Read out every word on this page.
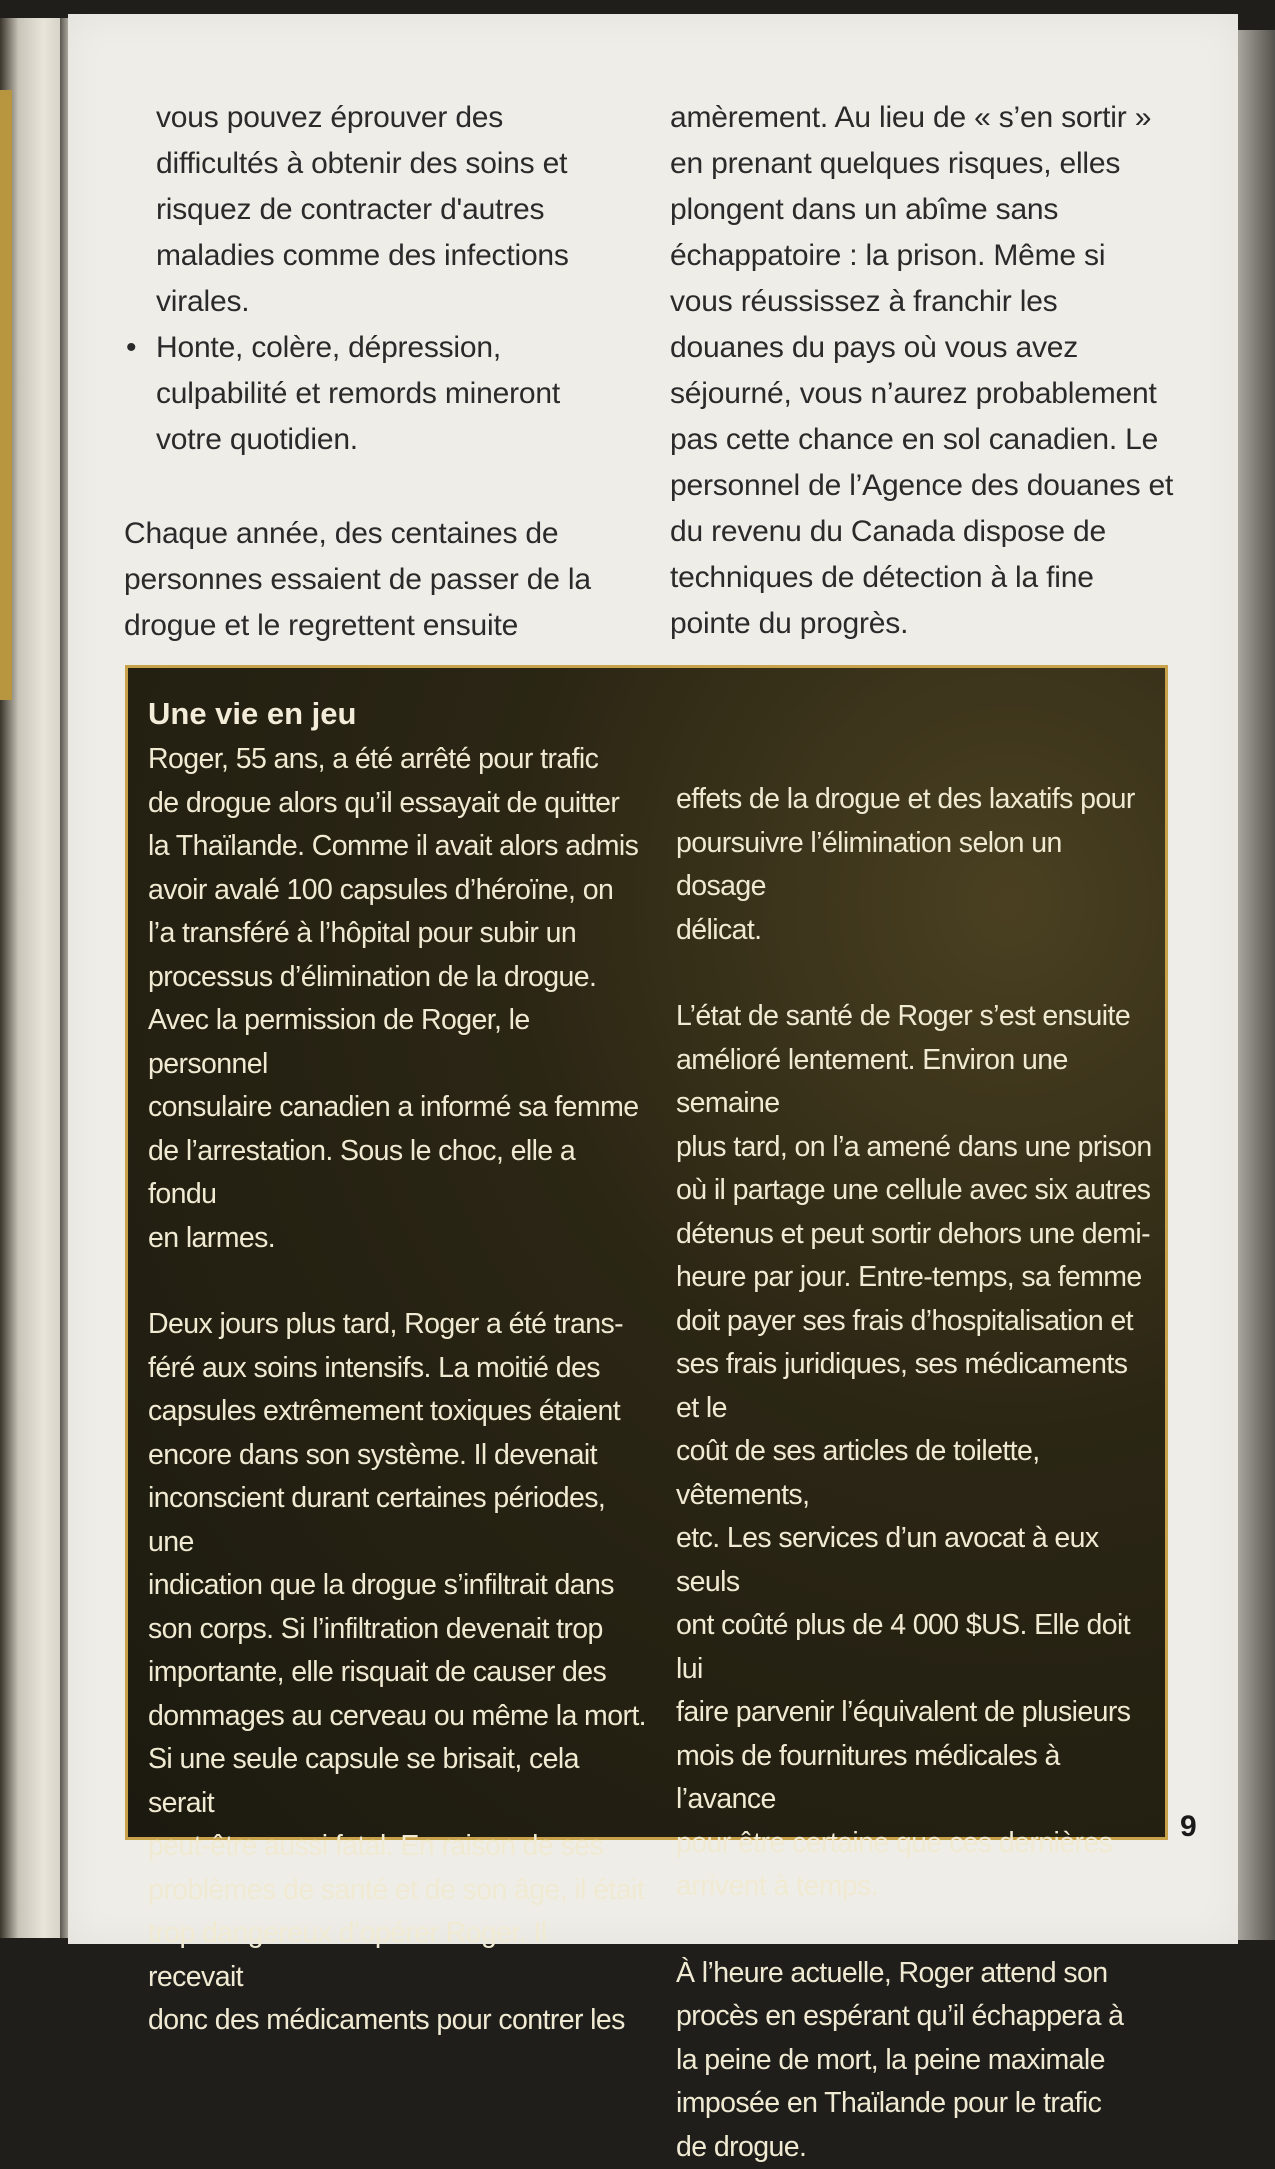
vous pouvez éprouver des
difficultés à obtenir des soins et
risquez de contracter d'autres
maladies comme des infections
virales.
• Honte, colère, dépression,
culpabilité et remords mineront
votre quotidien.
Chaque année, des centaines de
personnes essaient de passer de la
drogue et le regrettent ensuite
amèrement. Au lieu de « s’en sortir »
en prenant quelques risques, elles
plongent dans un abîme sans
échappatoire : la prison. Même si
vous réussissez à franchir les
douanes du pays où vous avez
séjourné, vous n’aurez probablement
pas cette chance en sol canadien. Le
personnel de l’Agence des douanes et
du revenu du Canada dispose de
techniques de détection à la fine
pointe du progrès.
Une vie en jeu
Roger, 55 ans, a été arrêté pour trafic
de drogue alors qu’il essayait de quitter
la Thaïlande. Comme il avait alors admis
avoir avalé 100 capsules d’héroïne, on
l’a transféré à l’hôpital pour subir un
processus d’élimination de la drogue.
Avec la permission de Roger, le personnel
consulaire canadien a informé sa femme
de l’arrestation. Sous le choc, elle a fondu
en larmes.
Deux jours plus tard, Roger a été trans-
féré aux soins intensifs. La moitié des
capsules extrêmement toxiques étaient
encore dans son système. Il devenait
inconscient durant certaines périodes, une
indication que la drogue s’infiltrait dans
son corps. Si l’infiltration devenait trop
importante, elle risquait de causer des
dommages au cerveau ou même la mort.
Si une seule capsule se brisait, cela serait
peut-être aussi fatal. En raison de ses
problèmes de santé et de son âge, il était
trop dangereux d’opérer Roger. Il recevait
donc des médicaments pour contrer les
effets de la drogue et des laxatifs pour
poursuivre l’élimination selon un dosage
délicat.
L’état de santé de Roger s’est ensuite
amélioré lentement. Environ une semaine
plus tard, on l’a amené dans une prison
où il partage une cellule avec six autres
détenus et peut sortir dehors une demi-
heure par jour. Entre-temps, sa femme
doit payer ses frais d’hospitalisation et
ses frais juridiques, ses médicaments et le
coût de ses articles de toilette, vêtements,
etc. Les services d’un avocat à eux seuls
ont coûté plus de 4 000 $US. Elle doit lui
faire parvenir l’équivalent de plusieurs
mois de fournitures médicales à l’avance
pour être certaine que ces dernières
arrivent à temps.
À l’heure actuelle, Roger attend son
procès en espérant qu’il échappera à
la peine de mort, la peine maximale
imposée en Thaïlande pour le trafic
de drogue.
9
